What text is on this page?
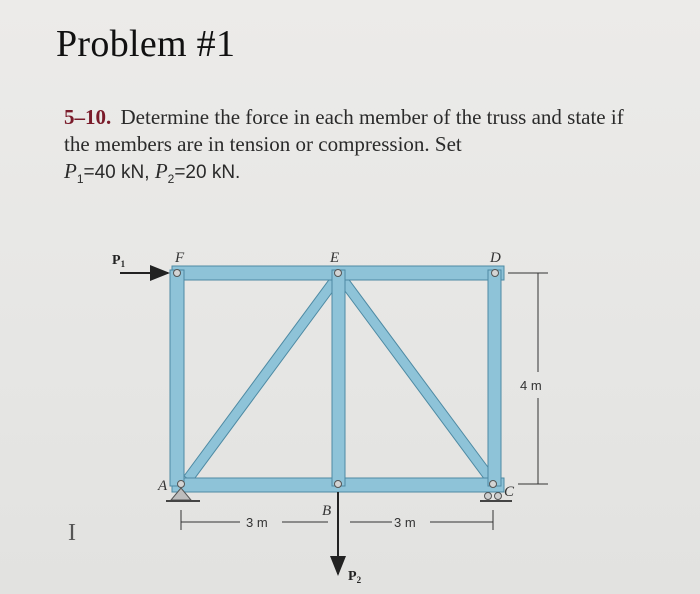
Problem #1
5–10. Determine the force in each member of the truss and state if the members are in tension or compression. Set
$P_1=40$ kN, $P_2=20$ kN.
$P_1$
$P_2$
F	E	D
A
B
C
3 m	3 m
4 m
I
